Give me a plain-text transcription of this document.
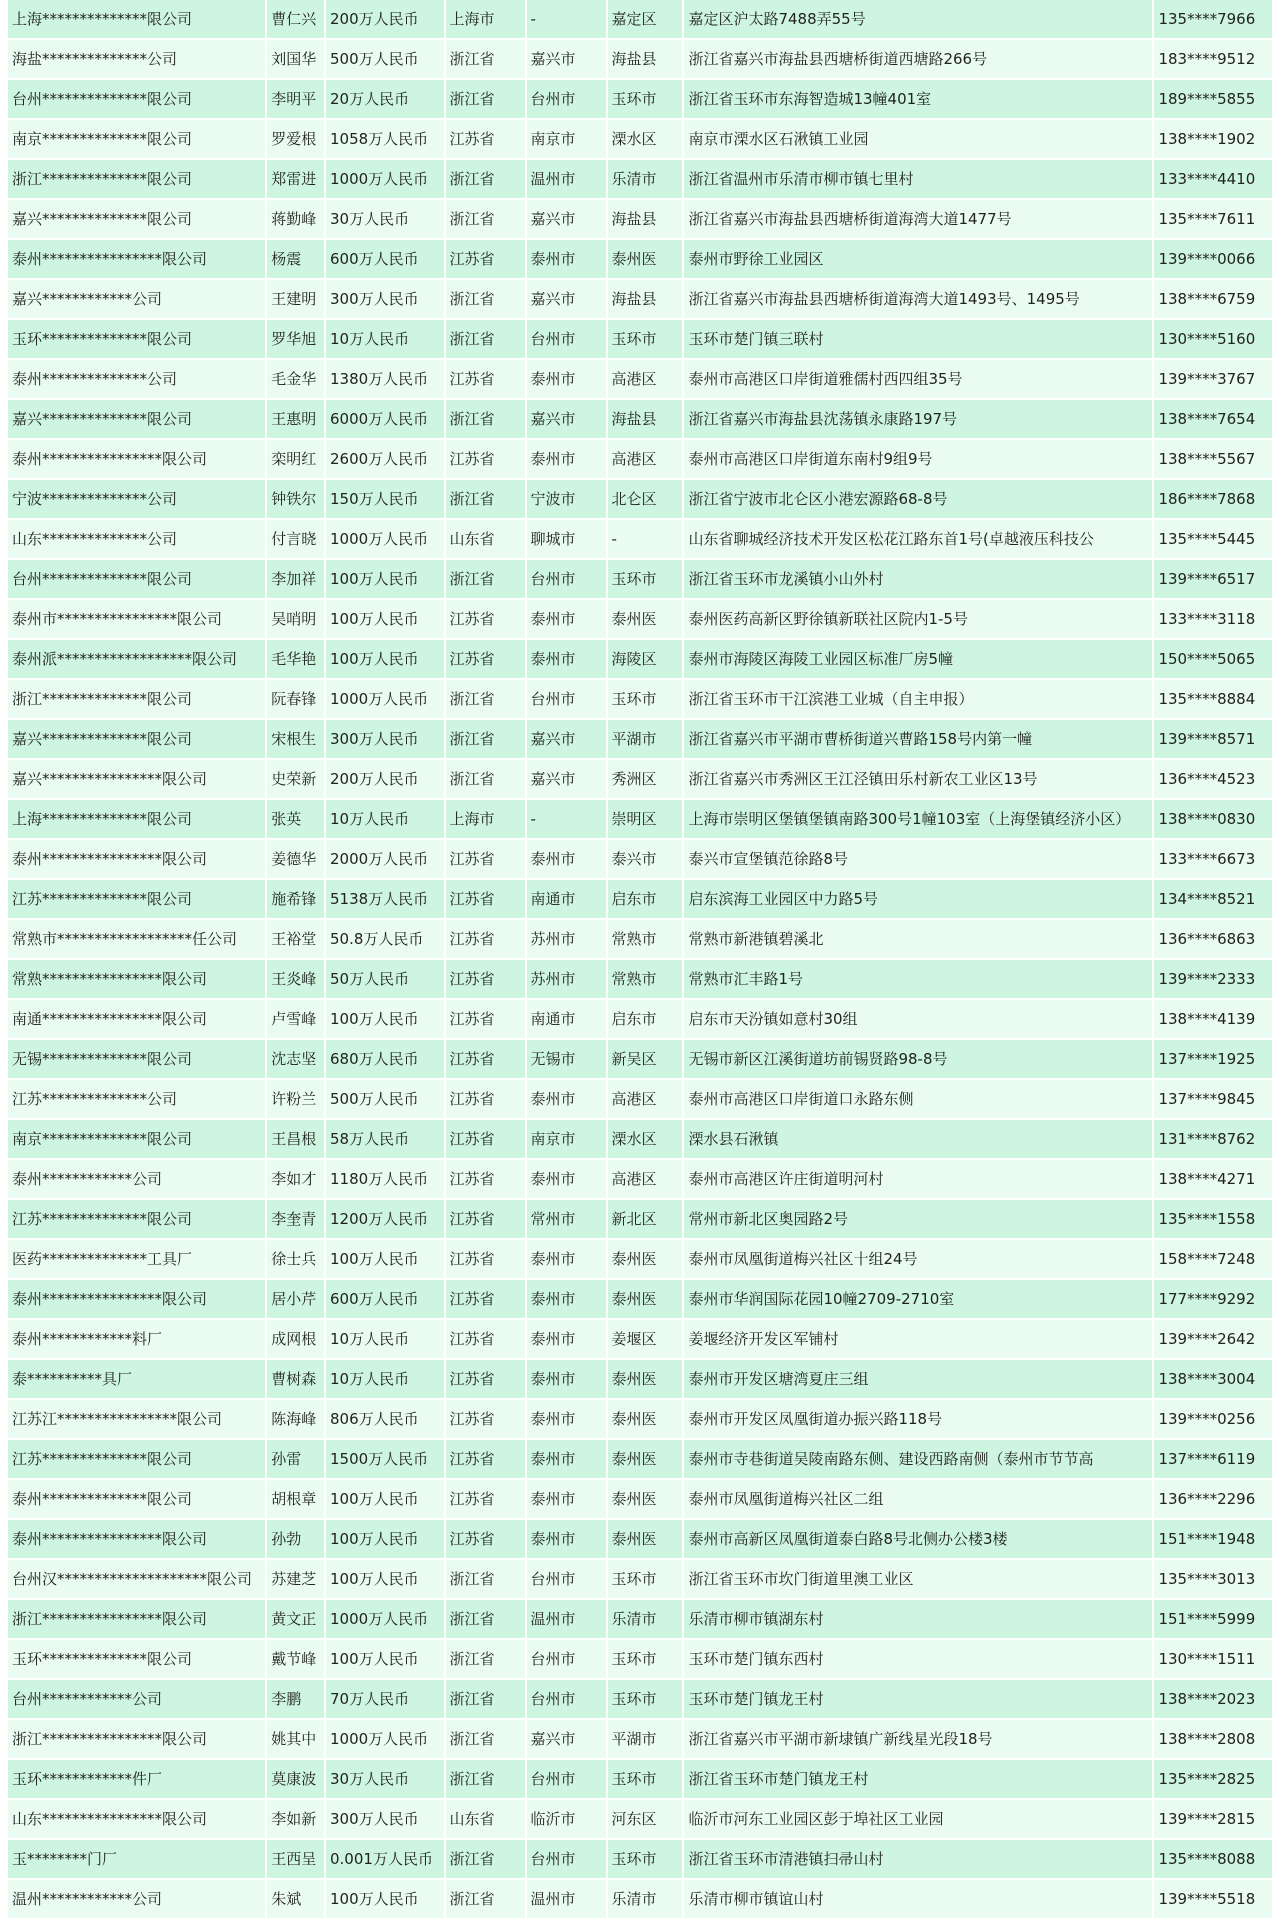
上海**************限公司	曹仁兴	200万人民币	上海市	-	嘉定区	嘉定区沪太路7488弄55号	135****7966
海盐**************公司	刘国华	500万人民币	浙江省	嘉兴市	海盐县	浙江省嘉兴市海盐县西塘桥街道西塘路266号	183****9512
台州**************限公司	李明平	20万人民币	浙江省	台州市	玉环市	浙江省玉环市东海智造城13幢401室	189****5855
南京**************限公司	罗爱根	1058万人民币	江苏省	南京市	溧水区	南京市溧水区石湫镇工业园	138****1902
浙江**************限公司	郑雷进	1000万人民币	浙江省	温州市	乐清市	浙江省温州市乐清市柳市镇七里村	133****4410
嘉兴**************限公司	蒋勤峰	30万人民币	浙江省	嘉兴市	海盐县	浙江省嘉兴市海盐县西塘桥街道海湾大道1477号	135****7611
泰州****************限公司	杨震	600万人民币	江苏省	泰州市	泰州医	泰州市野徐工业园区	139****0066
嘉兴************公司	王建明	300万人民币	浙江省	嘉兴市	海盐县	浙江省嘉兴市海盐县西塘桥街道海湾大道1493号、1495号	138****6759
玉环**************限公司	罗华旭	10万人民币	浙江省	台州市	玉环市	玉环市楚门镇三联村	130****5160
泰州**************公司	毛金华	1380万人民币	江苏省	泰州市	高港区	泰州市高港区口岸街道雅儒村西四组35号	139****3767
嘉兴**************限公司	王惠明	6000万人民币	浙江省	嘉兴市	海盐县	浙江省嘉兴市海盐县沈荡镇永康路197号	138****7654
泰州****************限公司	栾明红	2600万人民币	江苏省	泰州市	高港区	泰州市高港区口岸街道东南村9组9号	138****5567
宁波**************公司	钟铁尔	150万人民币	浙江省	宁波市	北仑区	浙江省宁波市北仑区小港宏源路68-8号	186****7868
山东**************公司	付言晓	1000万人民币	山东省	聊城市	-	山东省聊城经济技术开发区松花江路东首1号(卓越液压科技公	135****5445
台州**************限公司	李加祥	100万人民币	浙江省	台州市	玉环市	浙江省玉环市龙溪镇小山外村	139****6517
泰州市****************限公司	吴哨明	100万人民币	江苏省	泰州市	泰州医	泰州医药高新区野徐镇新联社区院内1-5号	133****3118
泰州派******************限公司	毛华艳	100万人民币	江苏省	泰州市	海陵区	泰州市海陵区海陵工业园区标准厂房5幢	150****5065
浙江**************限公司	阮春锋	1000万人民币	浙江省	台州市	玉环市	浙江省玉环市干江滨港工业城（自主申报）	135****8884
嘉兴**************限公司	宋根生	300万人民币	浙江省	嘉兴市	平湖市	浙江省嘉兴市平湖市曹桥街道兴曹路158号内第一幢	139****8571
嘉兴****************限公司	史荣新	200万人民币	浙江省	嘉兴市	秀洲区	浙江省嘉兴市秀洲区王江泾镇田乐村新农工业区13号	136****4523
上海**************限公司	张英	10万人民币	上海市	-	崇明区	上海市崇明区堡镇堡镇南路300号1幢103室（上海堡镇经济小区）	138****0830
泰州****************限公司	姜德华	2000万人民币	江苏省	泰州市	泰兴市	泰兴市宣堡镇范徐路8号	133****6673
江苏**************限公司	施希锋	5138万人民币	江苏省	南通市	启东市	启东滨海工业园区中力路5号	134****8521
常熟市******************任公司	王裕堂	50.8万人民币	江苏省	苏州市	常熟市	常熟市新港镇碧溪北	136****6863
常熟****************限公司	王炎峰	50万人民币	江苏省	苏州市	常熟市	常熟市汇丰路1号	139****2333
南通****************限公司	卢雪峰	100万人民币	江苏省	南通市	启东市	启东市天汾镇如意村30组	138****4139
无锡**************限公司	沈志坚	680万人民币	江苏省	无锡市	新吴区	无锡市新区江溪街道坊前锡贤路98-8号	137****1925
江苏**************公司	许粉兰	500万人民币	江苏省	泰州市	高港区	泰州市高港区口岸街道口永路东侧	137****9845
南京**************限公司	王昌根	58万人民币	江苏省	南京市	溧水区	溧水县石湫镇	131****8762
泰州************公司	李如才	1180万人民币	江苏省	泰州市	高港区	泰州市高港区许庄街道明河村	138****4271
江苏**************限公司	李奎青	1200万人民币	江苏省	常州市	新北区	常州市新北区奥园路2号	135****1558
医药**************工具厂	徐士兵	100万人民币	江苏省	泰州市	泰州医	泰州市凤凰街道梅兴社区十组24号	158****7248
泰州****************限公司	居小芹	600万人民币	江苏省	泰州市	泰州医	泰州市华润国际花园10幢2709-2710室	177****9292
泰州************料厂	成网根	10万人民币	江苏省	泰州市	姜堰区	姜堰经济开发区军铺村	139****2642
泰**********具厂	曹树森	10万人民币	江苏省	泰州市	泰州医	泰州市开发区塘湾夏庄三组	138****3004
江苏江****************限公司	陈海峰	806万人民币	江苏省	泰州市	泰州医	泰州市开发区凤凰街道办振兴路118号	139****0256
江苏**************限公司	孙雷	1500万人民币	江苏省	泰州市	泰州医	泰州市寺巷街道吴陵南路东侧、建设西路南侧（泰州市节节高	137****6119
泰州**************限公司	胡根章	100万人民币	江苏省	泰州市	泰州医	泰州市凤凰街道梅兴社区二组	136****2296
泰州****************限公司	孙勃	100万人民币	江苏省	泰州市	泰州医	泰州市高新区凤凰街道泰白路8号北侧办公楼3楼	151****1948
台州汉********************限公司	苏建芝	100万人民币	浙江省	台州市	玉环市	浙江省玉环市坎门街道里澳工业区	135****3013
浙江****************限公司	黄文正	1000万人民币	浙江省	温州市	乐清市	乐清市柳市镇湖东村	151****5999
玉环**************限公司	戴节峰	100万人民币	浙江省	台州市	玉环市	玉环市楚门镇东西村	130****1511
台州************公司	李鹏	70万人民币	浙江省	台州市	玉环市	玉环市楚门镇龙王村	138****2023
浙江****************限公司	姚其中	1000万人民币	浙江省	嘉兴市	平湖市	浙江省嘉兴市平湖市新埭镇广新线星光段18号	138****2808
玉环************件厂	莫康波	30万人民币	浙江省	台州市	玉环市	浙江省玉环市楚门镇龙王村	135****2825
山东****************限公司	李如新	300万人民币	山东省	临沂市	河东区	临沂市河东工业园区彭于埠社区工业园	139****2815
玉********门厂	王西呈	0.001万人民币	浙江省	台州市	玉环市	浙江省玉环市清港镇扫帚山村	135****8088
温州************公司	朱斌	100万人民币	浙江省	温州市	乐清市	乐清市柳市镇谊山村	139****5518
